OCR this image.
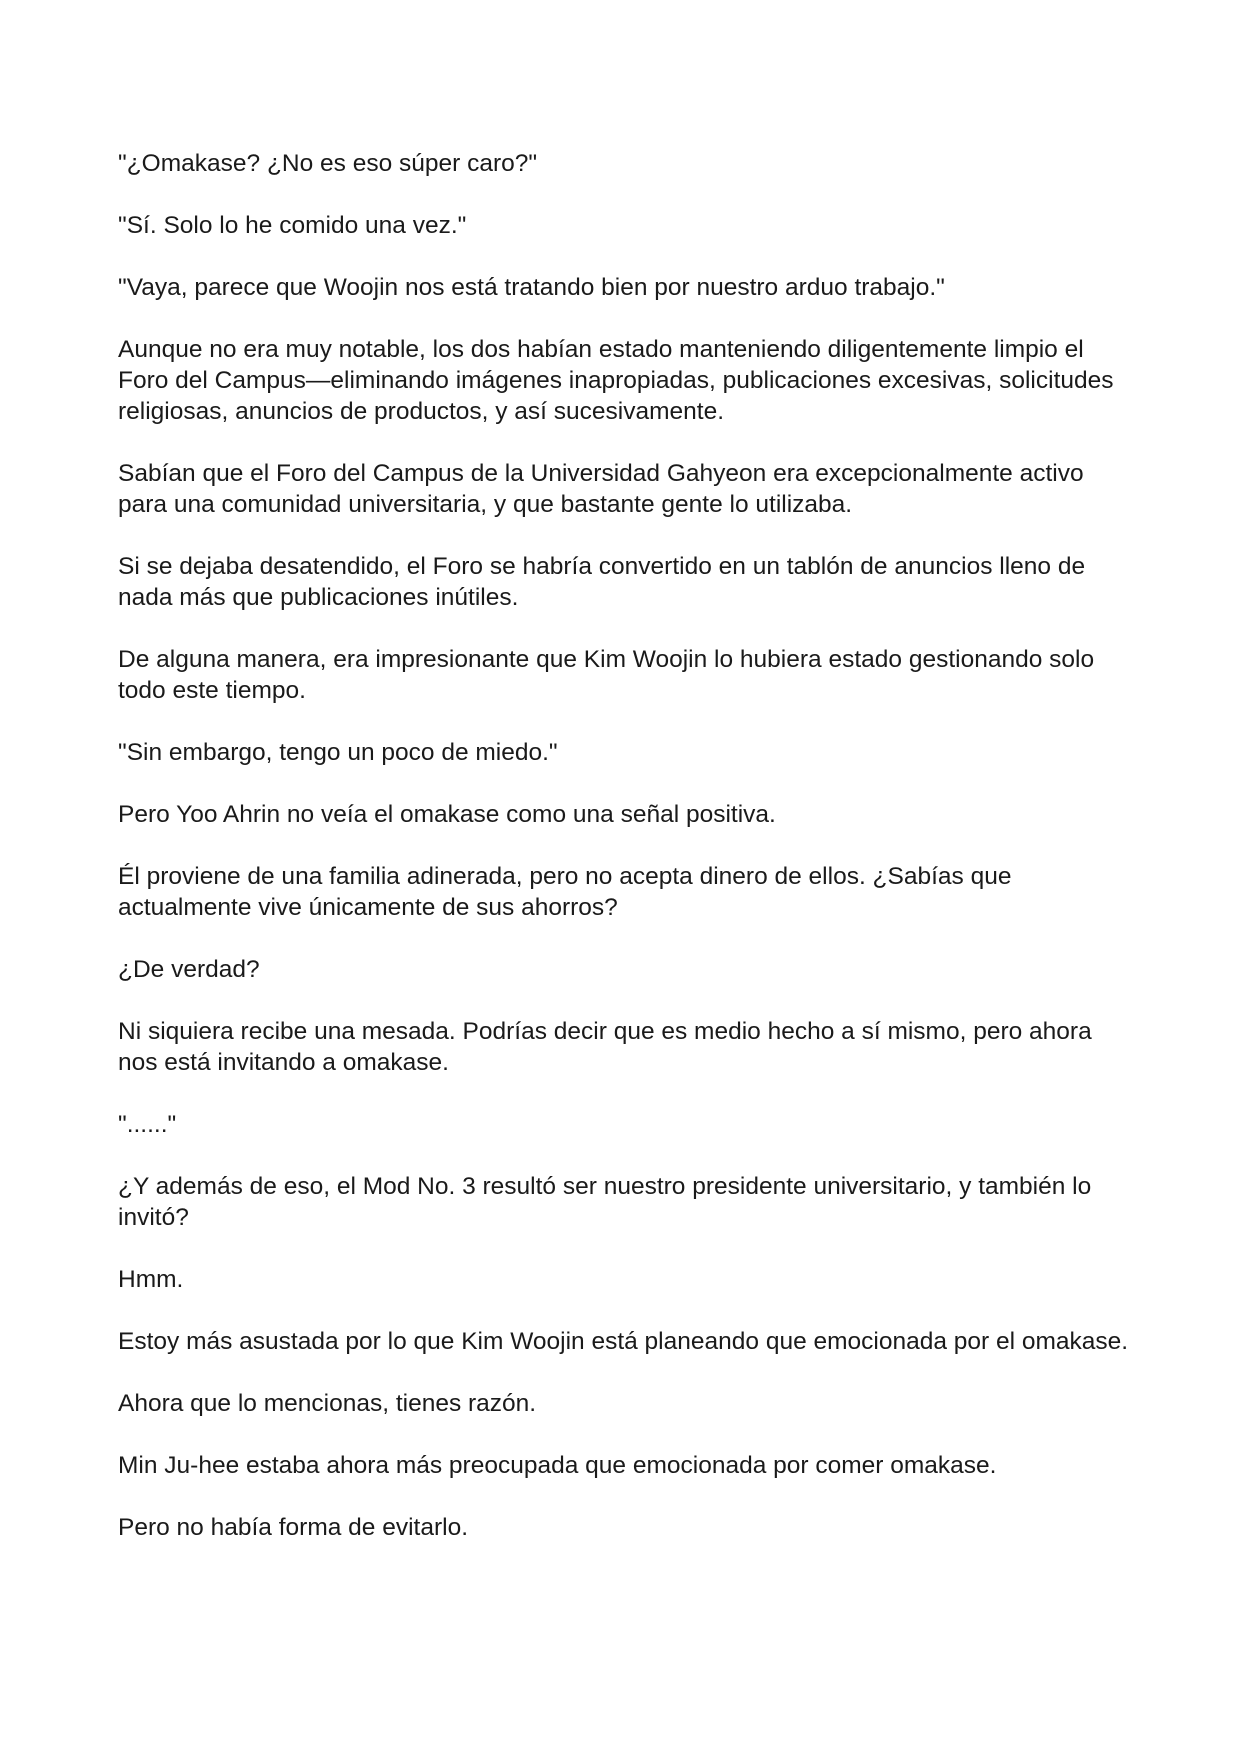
"¿Omakase? ¿No es eso súper caro?"

"Sí. Solo lo he comido una vez."

"Vaya, parece que Woojin nos está tratando bien por nuestro arduo trabajo."

Aunque no era muy notable, los dos habían estado manteniendo diligentemente limpio el Foro del Campus—eliminando imágenes inapropiadas, publicaciones excesivas, solicitudes religiosas, anuncios de productos, y así sucesivamente.

Sabían que el Foro del Campus de la Universidad Gahyeon era excepcionalmente activo para una comunidad universitaria, y que bastante gente lo utilizaba.

Si se dejaba desatendido, el Foro se habría convertido en un tablón de anuncios lleno de nada más que publicaciones inútiles.

De alguna manera, era impresionante que Kim Woojin lo hubiera estado gestionando solo todo este tiempo.

"Sin embargo, tengo un poco de miedo."

Pero Yoo Ahrin no veía el omakase como una señal positiva.

Él proviene de una familia adinerada, pero no acepta dinero de ellos. ¿Sabías que actualmente vive únicamente de sus ahorros?

¿De verdad?

Ni siquiera recibe una mesada. Podrías decir que es medio hecho a sí mismo, pero ahora nos está invitando a omakase.

"......"

¿Y además de eso, el Mod No. 3 resultó ser nuestro presidente universitario, y también lo invitó?

Hmm.

Estoy más asustada por lo que Kim Woojin está planeando que emocionada por el omakase.

Ahora que lo mencionas, tienes razón.

Min Ju-hee estaba ahora más preocupada que emocionada por comer omakase.

Pero no había forma de evitarlo.
